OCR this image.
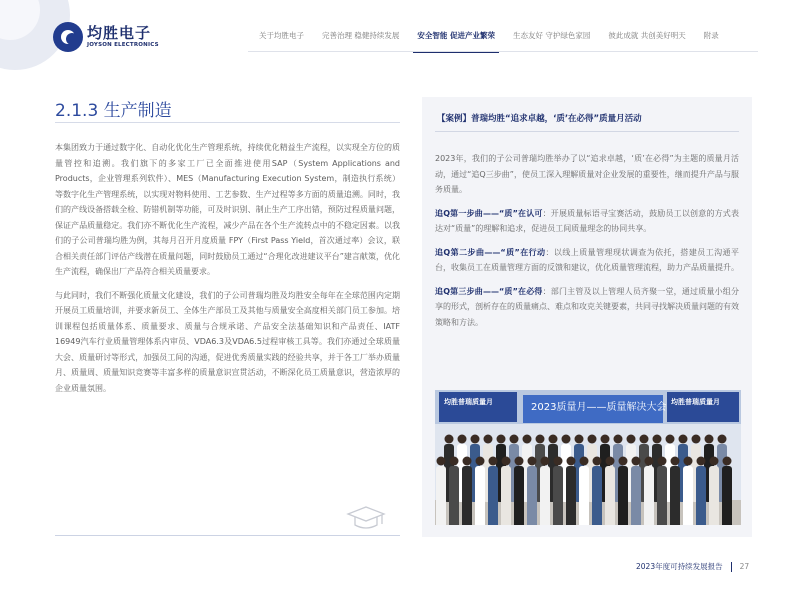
均胜电子
JOYSON ELECTRONICS
关于均胜电子	完善治理 稳健持续发展	安全智能 促进产业繁荣	生态友好 守护绿色家园	彼此成就 共创美好明天	附录
2.1.3 生产制造

本集团致力于通过数字化、自动化优化生产管理系统，持续优化精益生产流程，以实现全方位的质量管控和追溯。我们旗下的多家工厂已全面推进使用SAP（System Applications and Products，企业管理系列软件）、MES（Manufacturing Execution System，制造执行系统）等数字化生产管理系统，以实现对物料使用、工艺参数、生产过程等多方面的质量追溯。同时，我们的产线设备搭载全检、防错机制等功能，可及时识别、制止生产工序出错，预防过程质量问题，保证产品质量稳定。我们亦不断优化生产流程，减少产品在各个生产流转点中的不稳定因素。以我们的子公司普瑞均胜为例，其每月召开月度质量 FPY（First Pass Yield，首次通过率）会议，联合相关责任部门评估产线潜在质量问题，同时鼓励员工通过“合理化改进建议平台”建言献策，优化生产流程，确保出厂产品符合相关质量要求。

与此同时，我们不断强化质量文化建设，我们的子公司普瑞均胜及均胜安全每年在全球范围内定期开展员工质量培训，并要求新员工、全体生产部员工及其他与质量安全高度相关部门员工参加。培训课程包括质量体系、质量要求、质量与合规承诺、产品安全法基础知识和产品责任、IATF 16949汽车行业质量管理体系内审员、VDA6.3及VDA6.5过程审核工具等。我们亦通过全球质量大会、质量研讨等形式，加强员工间的沟通，促进优秀质量实践的经验共享，并于各工厂举办质量月、质量周、质量知识竞赛等丰富多样的质量意识宣贯活动，不断深化员工质量意识，营造浓厚的企业质量氛围。

【案例】普瑞均胜“追求卓越，‘质’在必得”质量月活动

2023年，我们的子公司普瑞均胜举办了以“追求卓越，‘质’在必得”为主题的质量月活动，通过“追Q三步曲”，使员工深入理解质量对企业发展的重要性，继而提升产品与服务质量。

追Q第一步曲——“质”在认可：开展质量标语寻宝赛活动，鼓励员工以创意的方式表达对“质量”的理解和追求，促进员工间质量理念的协同共享。

追Q第二步曲——“质”在行动：以线上质量管理现状调查为依托，搭建员工沟通平台，收集员工在质量管理方面的反馈和建议，优化质量管理流程，助力产品质量提升。

追Q第三步曲——“质”在必得：部门主管及以上管理人员齐聚一堂，通过质量小组分享的形式，剖析存在的质量痛点、难点和攻克关键要素，共同寻找解决质量问题的有效策略和方法。

均胜普瑞质量月	2023质量月——质量解决大会 均胜普瑞质量月
2023年度可持续发展报告 27
